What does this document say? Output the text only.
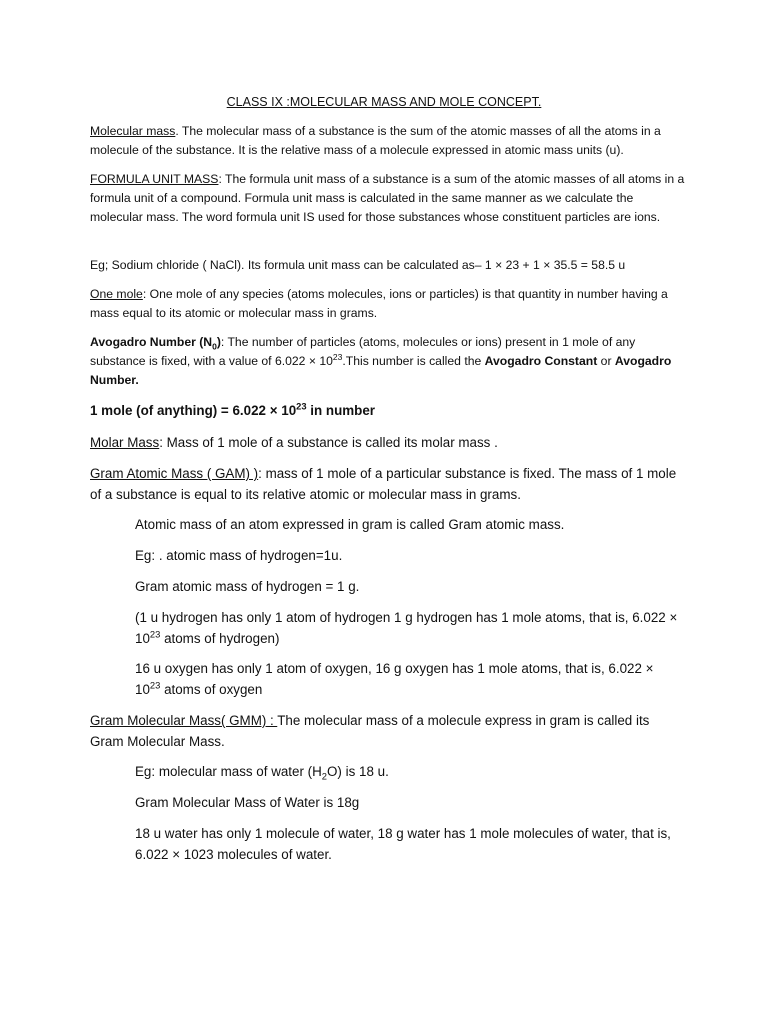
CLASS IX :MOLECULAR MASS AND MOLE CONCEPT.
Molecular mass. The molecular mass of a substance is the sum of the atomic masses of all the atoms in a molecule of the substance. It is the relative mass of a molecule expressed in atomic mass units (u).
FORMULA UNIT MASS: The formula unit mass of a substance is a sum of the atomic masses of all atoms in a formula unit of a compound. Formula unit mass is calculated in the same manner as we calculate the molecular mass. The word formula unit IS used for those substances whose constituent particles are ions.
Eg; Sodium chloride ( NaCl). Its formula unit mass can be calculated as– 1 × 23 + 1 × 35.5 = 58.5 u
One mole: One mole of any species (atoms molecules, ions or particles) is that quantity in number having a mass equal to its atomic or molecular mass in grams.
Avogadro Number $(N_0)$: The number of particles (atoms, molecules or ions) present in 1 mole of any substance is fixed, with a value of $6.022 \times 10^{23}.This$ number is called the Avogadro Constant or Avogadro Number.
1 mole (of anything) = $6.022 \times 10^{23}$ in number
Molar Mass: Mass of 1 mole of a substance is called its molar mass .
Gram Atomic Mass ( GAM) ): mass of 1 mole of a particular substance is fixed. The mass of 1 mole of a substance is equal to its relative atomic or molecular mass in grams.
Atomic mass of an atom expressed in gram is called Gram atomic mass.
Eg: . atomic mass of hydrogen=1u.
Gram atomic mass of hydrogen = 1 g.
(1 u hydrogen has only 1 atom of hydrogen 1 g hydrogen has 1 mole atoms, that is, $6.022 \times 10^{23}$ atoms of hydrogen)
16 u oxygen has only 1 atom of oxygen, 16 g oxygen has 1 mole atoms, that is, $6.022 \times 10^{23}$ atoms of oxygen
Gram Molecular Mass( GMM) : The molecular mass of a molecule express in gram is called its Gram Molecular Mass.
Eg: molecular mass of water $(H_2O)$ is 18 u.
Gram Molecular Mass of Water is 18g
18 u water has only 1 molecule of water, 18 g water has 1 mole molecules of water, that is, 6.022 × 1023 molecules of water.
